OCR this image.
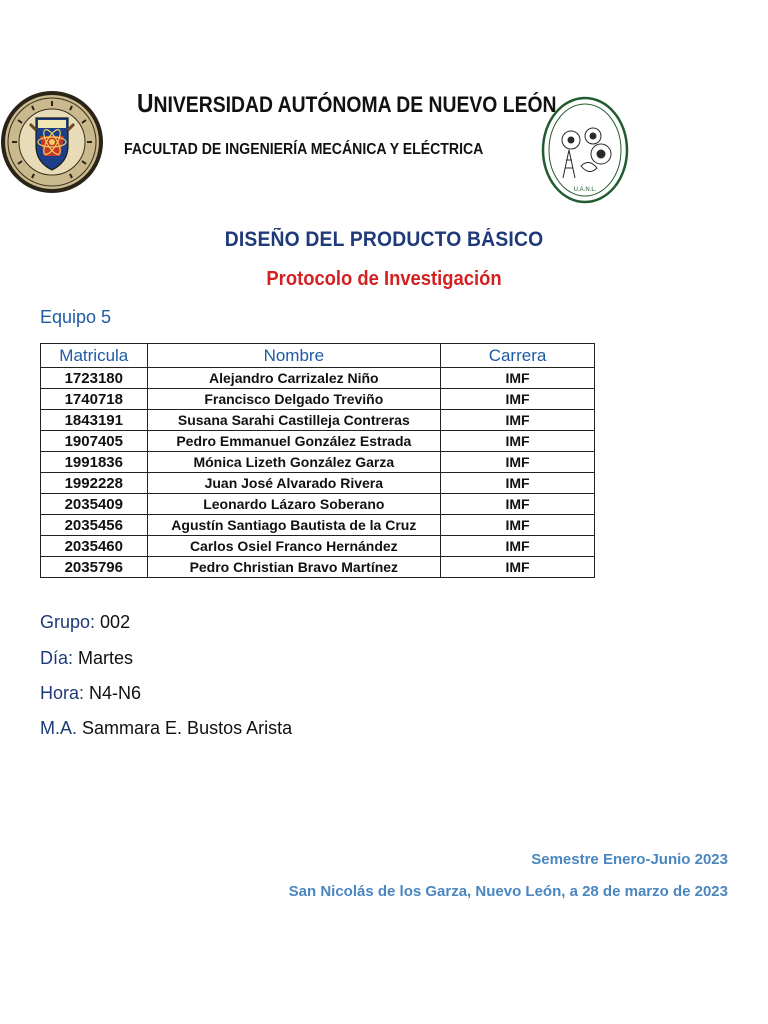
UNIVERSIDAD AUTÓNOMA DE NUEVO LEÓN
FACULTAD DE INGENIERÍA MECÁNICA Y ELÉCTRICA
U.A.N.L.
DISEÑO DEL PRODUCTO BÁSICO
Protocolo de Investigación
Equipo 5
Matricula	Nombre	Carrera
1723180	Alejandro Carrizalez Niño	IMF
1740718	Francisco Delgado Treviño	IMF
1843191	Susana Sarahi Castilleja Contreras	IMF
1907405	Pedro Emmanuel González Estrada	IMF
1991836	Mónica Lizeth González Garza	IMF
1992228	Juan José Alvarado Rivera	IMF
2035409	Leonardo Lázaro Soberano	IMF
2035456	Agustín Santiago Bautista de la Cruz	IMF
2035460	Carlos Osiel Franco Hernández	IMF
2035796	Pedro Christian Bravo Martínez	IMF
Grupo: 002
Día: Martes
Hora: N4-N6
M.A. Sammara E. Bustos Arista
Semestre Enero-Junio 2023
San Nicolás de los Garza, Nuevo León, a 28 de marzo de 2023
